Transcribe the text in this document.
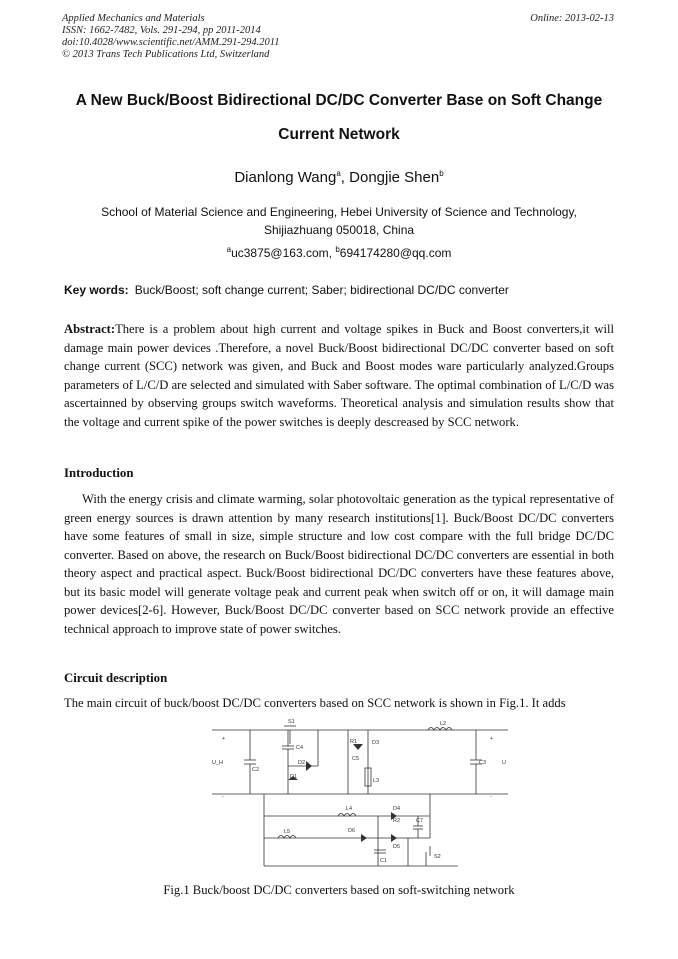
Applied Mechanics and Materials
ISSN: 1662-7482, Vols. 291-294, pp 2011-2014
doi:10.4028/www.scientific.net/AMM.291-294.2011
© 2013 Trans Tech Publications Ltd, Switzerland
Online: 2013-02-13
A New Buck/Boost Bidirectional DC/DC Converter Base on Soft Change
Current Network
Dianlong Wang$^a$, Dongjie Shen$^b$
School of Material Science and Engineering, Hebei University of Science and Technology,
Shijiazhuang 050018, China
$^a$uc3875@163.com, $^b$694174280@qq.com
Key words: Buck/Boost; soft change current; Saber; bidirectional DC/DC converter
Abstract:There is a problem about high current and voltage spikes in Buck and Boost converters,it will damage main power devices .Therefore, a novel Buck/Boost bidirectional DC/DC converter based on soft change current (SCC) network was given, and Buck and Boost modes ware particularly analyzed.Groups parameters of L/C/D are selected and simulated with Saber software. The optimal combination of L/C/D was ascertainned by observing groups switch waveforms. Theoretical analysis and simulation results show that the voltage and current spike of the power switches is deeply descreased by SCC network.
Introduction
With the energy crisis and climate warming, solar photovoltaic generation as the typical representative of green energy sources is drawn attention by many research institutions[1]. Buck/Boost DC/DC converters have some features of small in size, simple structure and low cost compare with the full bridge DC/DC converter. Based on above, the research on Buck/Boost bidirectional DC/DC converters are essential in both theory aspect and practical aspect. Buck/Boost bidirectional DC/DC converters have these features above, but its basic model will generate voltage peak and current peak when switch off or on, it will damage main power devices[2-6]. However, Buck/Boost DC/DC converter based on SCC network provide an effective technical approach to improve state of power switches.
Circuit description
The main circuit of buck/boost DC/DC converters based on SCC network is shown in Fig.1. It adds
S1	L2
C4
R1	D3
D2
C5
U_H
C2
C3	U
D1
L3
+
-
+
-
L4	D4
R2	C7
L5	D6
D5
C1
S2
Fig.1 Buck/boost DC/DC converters based on soft-switching network
